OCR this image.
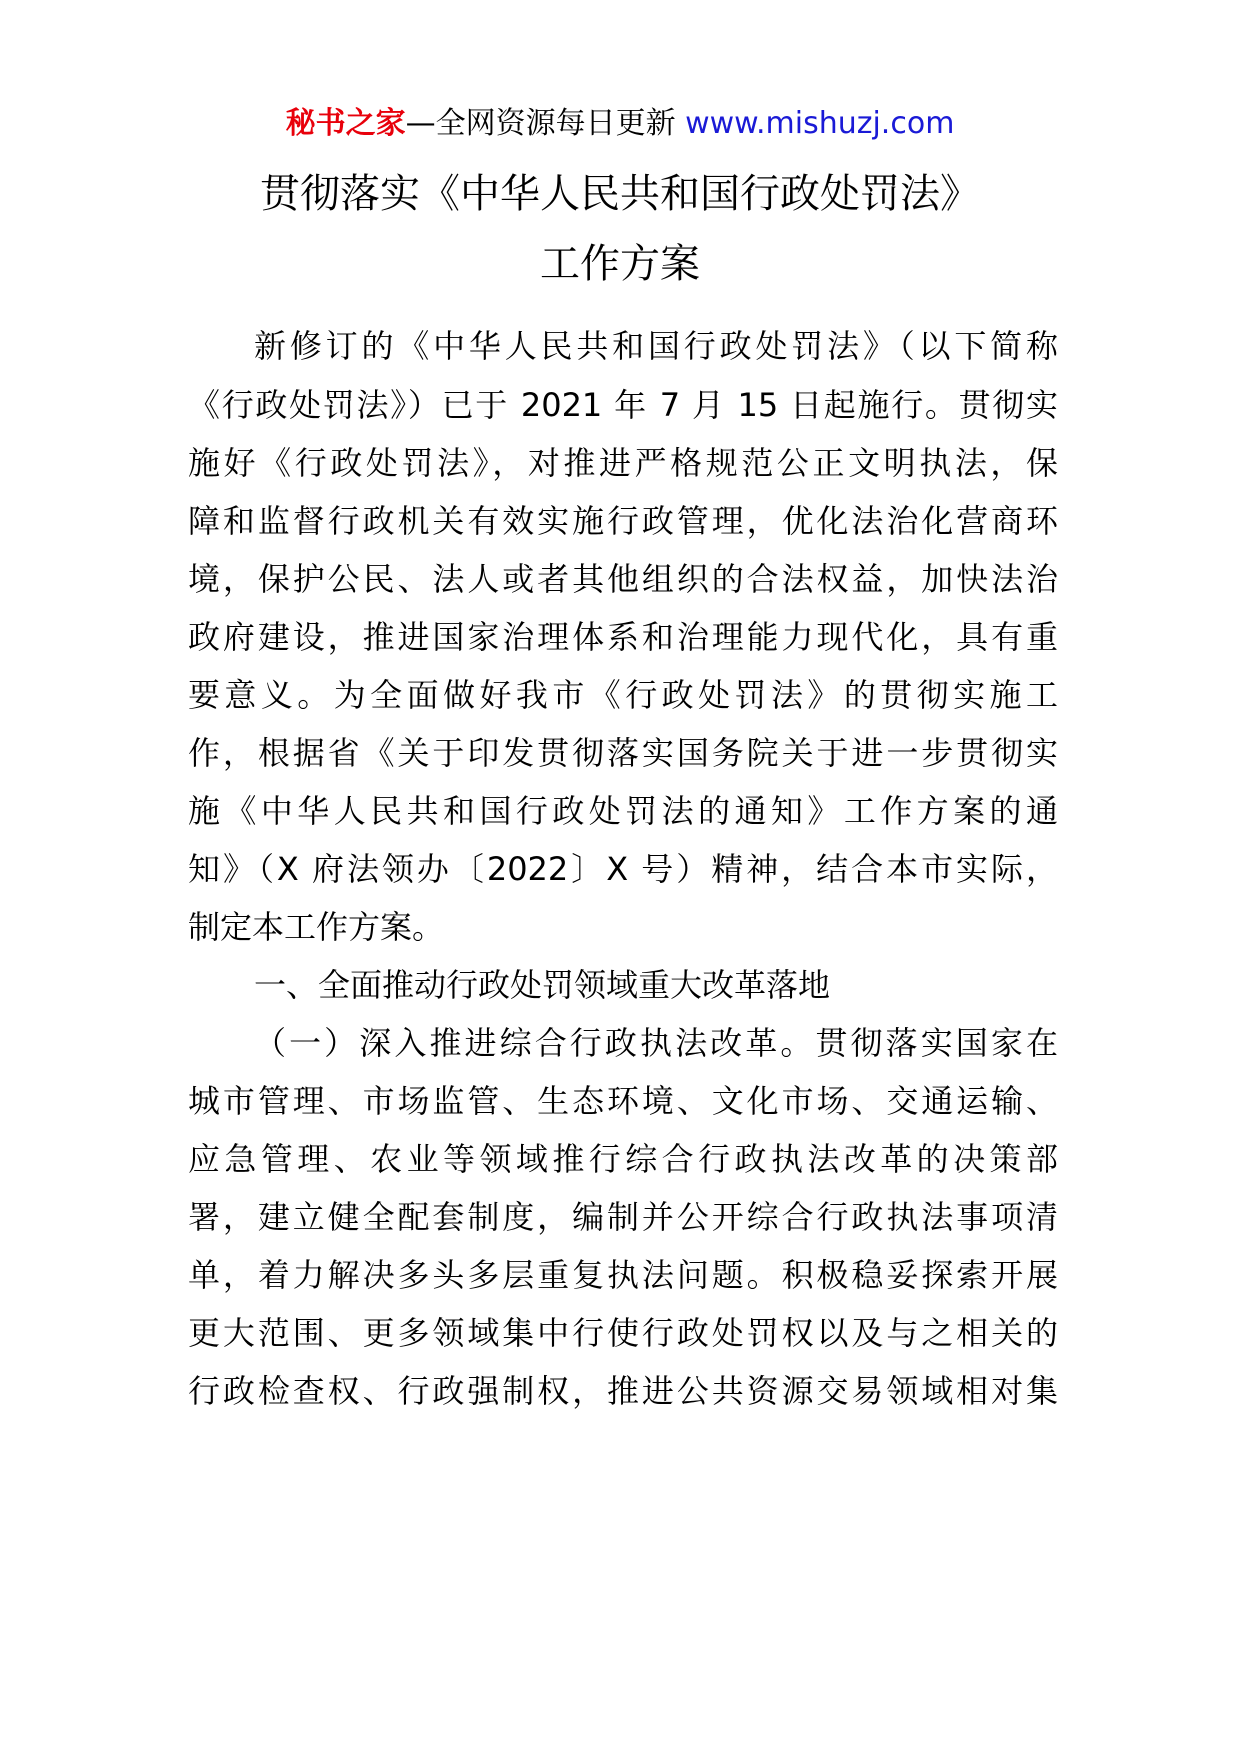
秘书之家—全网资源每日更新 www.mishuzj.com
贯彻落实《中华人民共和国行政处罚法》
工作方案
新修订的《中华人民共和国行政处罚法》（以下简称
《行政处罚法》）已于 2021 年 7 月 15 日起施行。贯彻实
施好《行政处罚法》，对推进严格规范公正文明执法，保
障和监督行政机关有效实施行政管理，优化法治化营商环
境，保护公民、法人或者其他组织的合法权益，加快法治
政府建设，推进国家治理体系和治理能力现代化，具有重
要意义。为全面做好我市《行政处罚法》的贯彻实施工
作，根据省《关于印发贯彻落实国务院关于进一步贯彻实
施《中华人民共和国行政处罚法的通知》工作方案的通
知》（X 府法领办〔2022〕X 号）精神，结合本市实际，
制定本工作方案。
一、全面推动行政处罚领域重大改革落地
（一）深入推进综合行政执法改革。贯彻落实国家在
城市管理、市场监管、生态环境、文化市场、交通运输、
应急管理、农业等领域推行综合行政执法改革的决策部
署，建立健全配套制度，编制并公开综合行政执法事项清
单，着力解决多头多层重复执法问题。积极稳妥探索开展
更大范围、更多领域集中行使行政处罚权以及与之相关的
行政检查权、行政强制权，推进公共资源交易领域相对集
